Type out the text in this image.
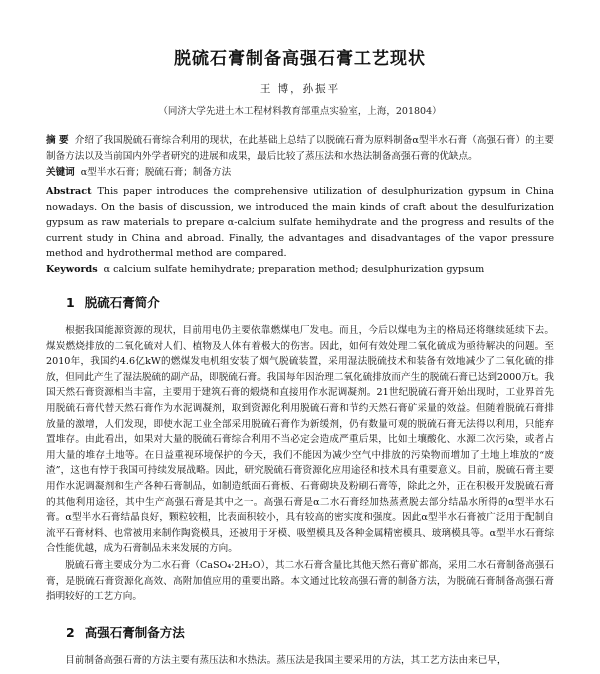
脱硫石膏制备高强石膏工艺现状
王 博，孙振平
（同济大学先进土木工程材料教育部重点实验室，上海，201804）

摘 要 介绍了我国脱硫石膏综合利用的现状，在此基础上总结了以脱硫石膏为原料制备α型半水石膏（高强石膏）的主要制备方法以及当前国内外学者研究的进展和成果，最后比较了蒸压法和水热法制备高强石膏的优缺点。

关键词 α型半水石膏；脱硫石膏；制备方法

Abstract This paper introduces the comprehensive utilization of desulphurization gypsum in China nowadays. On the basis of discussion, we introduced the main kinds of craft about the desulfurization gypsum as raw materials to prepare α-calcium sulfate hemihydrate and the progress and results of the current study in China and abroad. Finally, the advantages and disadvantages of the vapor pressure method and hydrothermal method are compared.

Keywords α calcium sulfate hemihydrate; preparation method; desulphurization gypsum

1 脱硫石膏简介

根据我国能源资源的现状，目前用电仍主要依靠燃煤电厂发电。而且，今后以煤电为主的格局还将继续延续下去。煤炭燃烧排放的二氧化硫对人们、植物及人体有着极大的伤害。因此，如何有效处理二氧化硫成为亟待解决的问题。至2010年，我国约4.6亿kW的燃煤发电机组安装了烟气脱硫装置，采用湿法脱硫技术和装备有效地减少了二氧化硫的排放，但同此产生了湿法脱硫的副产品，即脱硫石膏。我国每年因治理二氧化硫排放而产生的脱硫石膏已达到2000万t。我国天然石膏资源相当丰富，主要用于建筑石膏的煅烧和直接用作水泥调凝剂。21世纪脱硫石膏开始出现时，工业界首先用脱硫石膏代替天然石膏作为水泥调凝剂，取到资源化利用脱硫石膏和节约天然石膏矿采量的效益。但随着脱硫石膏排放量的激增，人们发现，即使水泥工业全部采用脱硫石膏作为新缓剂，仍有数量可观的脱硫石膏无法得以利用，只能弃置堆存。由此看出，如果对大量的脱硫石膏综合利用不当必定会造成严重后果，比如土壤酸化、水源二次污染，或者占用大量的堆存土地等。在日益重视环境保护的今天，我们不能因为减少空气中排放的污染物而增加了土地上堆放的“废渣”，这也有悖于我国可持续发展战略。因此，研究脱硫石膏资源化应用途径和技术具有重要意义。目前，脱硫石膏主要用作水泥调凝剂和生产各种石膏制品，如制造纸面石膏板、石膏砌块及粉刷石膏等，除此之外，正在积极开发脱硫石膏的其他利用途径，其中生产高强石膏是其中之一。高强石膏是α二水石膏经加热蒸煮脱去部分结晶水所得的α型半水石膏。α型半水石膏结晶良好，颗粒较粗，比表面积较小，具有较高的密实度和强度。因此α型半水石膏被广泛用于配制自流平石膏材料、也常被用来制作陶瓷模具，还被用于牙模、吸塑模具及各种金属精密模具、玻璃模具等。α型半水石膏综合性能优越，成为石膏制品未来发展的方向。

脱硫石膏主要成分为二水石膏（CaSO₄·2H₂O），其二水石膏含量比其他天然石膏矿都高，采用二水石膏制备高强石膏，是脱硫石膏资源化高效、高附加值应用的重要出路。本文通过比较高强石膏的制备方法，为脱硫石膏制备高强石膏指明较好的工艺方向。

2 高强石膏制备方法

目前制备高强石膏的方法主要有蒸压法和水热法。蒸压法是我国主要采用的方法，其工艺方法由来已早，
